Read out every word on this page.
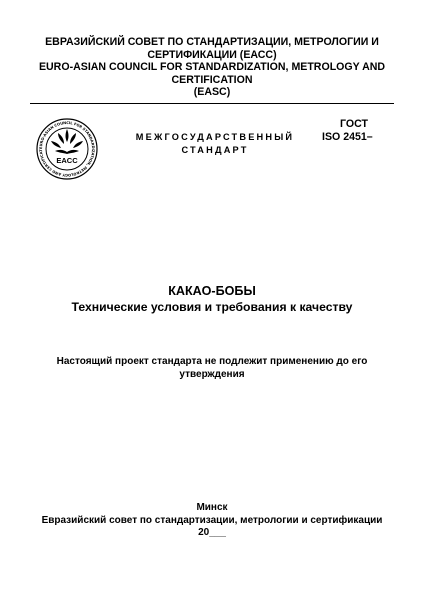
ЕВРАЗИЙСКИЙ СОВЕТ ПО СТАНДАРТИЗАЦИИ, МЕТРОЛОГИИ И

СЕРТИФИКАЦИИ (ЕАСС)

EURO-ASIAN COUNCIL FOR STANDARDIZATION, METROLOGY AND

CERTIFICATION

(EASC)

EURO-ASIAN COUNCIL FOR STANDARDIZATION, METROLOGY AND CERTIFICAT
EACC
МЕЖГОСУДАРСТВЕННЫЙ
СТАНДАРТ
ГОСТ
ISO 2451–
КАКАО-БОБЫ
Технические условия и требования к качеству
Настоящий проект стандарта не подлежит применению до его
утверждения
Минск
Евразийский совет по стандартизации, метрологии и сертификации
20___
